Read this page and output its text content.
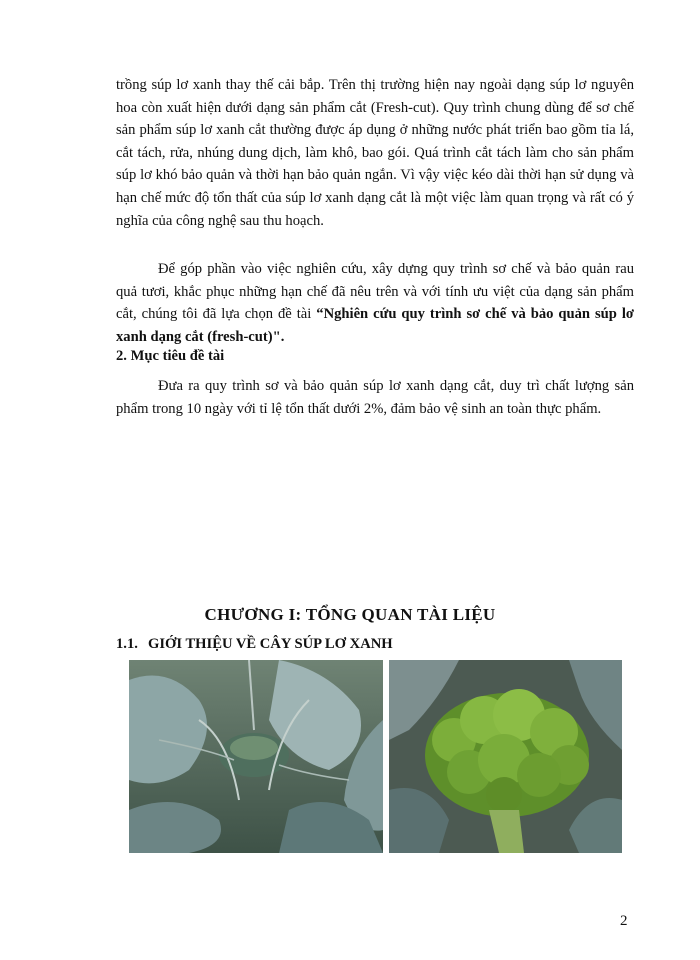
trồng súp lơ xanh thay thế cải bắp. Trên thị trường hiện nay ngoài dạng súp lơ nguyên hoa còn xuất hiện dưới dạng sản phẩm cắt (Fresh-cut). Quy trình chung dùng để sơ chế sản phẩm súp lơ xanh cắt thường được áp dụng ở những nước phát triển bao gồm tỉa lá, cắt tách, rửa, nhúng dung dịch, làm khô, bao gói. Quá trình cắt tách làm cho sản phẩm súp lơ khó bảo quản và thời hạn bảo quản ngắn. Vì vậy việc kéo dài thời hạn sử dụng và hạn chế mức độ tổn thất của súp lơ xanh dạng cắt là một việc làm quan trọng và rất có ý nghĩa của công nghệ sau thu hoạch.

Để góp phần vào việc nghiên cứu, xây dựng quy trình sơ chế và bảo quản rau quả tươi, khắc phục những hạn chế đã nêu trên và với tính ưu việt của dạng sản phẩm cắt, chúng tôi đã lựa chọn đề tài “Nghiên cứu quy trình sơ chế và bảo quản súp lơ xanh dạng cắt (fresh-cut)".

2. Mục tiêu đề tài

Đưa ra quy trình sơ và bảo quản súp lơ xanh dạng cắt, duy trì chất lượng sản phẩm trong 10 ngày với tỉ lệ tổn thất dưới 2%, đảm bảo vệ sinh an toàn thực phẩm.

CHƯƠNG I: TỔNG QUAN TÀI LIỆU

1.1. GIỚI THIỆU VỀ CÂY SÚP LƠ XANH

2
